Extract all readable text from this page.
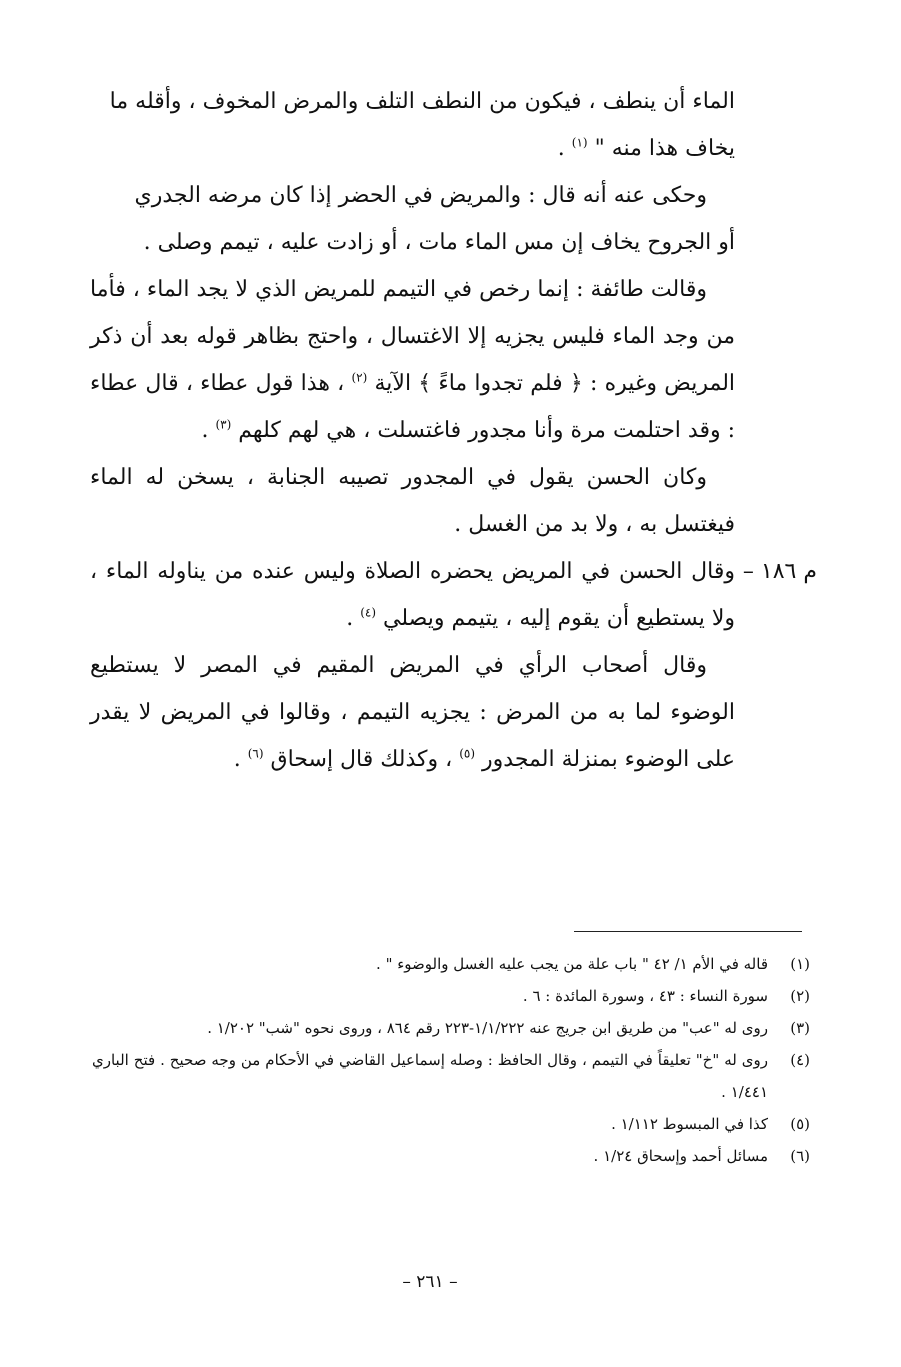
الماء أن ينطف ، فيكون من النطف التلف والمرض المخوف ، وأقله ما
يخاف هذا منه " $^{(١)}$ .

وحكى عنه أنه قال : والمريض في الحضر إذا كان مرضه الجدري
أو الجروح يخاف إن مس الماء مات ، أو زادت عليه ، تيمم وصلى .

وقالت طائفة : إنما رخص في التيمم للمريض الذي لا يجد الماء ، فأما من وجد الماء فليس يجزيه إلا الاغتسال ، واحتج بظاهر قوله بعد أن ذكر المريض وغيره : ﴿ فلم تجدوا ماءً ﴾ الآية $^{(٢)}$ ، هذا قول عطاء ، قال عطاء : وقد احتلمت مرة وأنا مجدور فاغتسلت ، هي لهم كلهم $^{(٣)}$ .

وكان الحسن يقول في المجدور تصيبه الجنابة ، يسخن له الماء فيغتسل به ، ولا بد من الغسل .

م ١٨٦ –

وقال الحسن في المريض يحضره الصلاة وليس عنده من يناوله الماء ، ولا يستطيع أن يقوم إليه ، يتيمم ويصلي $^{(٤)}$ .

وقال أصحاب الرأي في المريض المقيم في المصر لا يستطيع الوضوء لما به من المرض : يجزيه التيمم ، وقالوا في المريض لا يقدر على الوضوء بمنزلة المجدور $^{(٥)}$ ، وكذلك قال إسحاق $^{(٦)}$ .

(١)
قاله في الأم ١/ ٤٢ " باب علة من يجب عليه الغسل والوضوء " .
(٢)
سورة النساء : ٤٣ ، وسورة المائدة : ٦ .
(٣)
روى له "عب" من طريق ابن جريج عنه ١/١/٢٢٢-٢٢٣ رقم ٨٦٤ ، وروى نحوه "شب" ١/٢٠٢ .
(٤)
روى له "خ" تعليقاً في التيمم ، وقال الحافظ : وصله إسماعيل القاضي في الأحكام من وجه صحيح . فتح الباري ١/٤٤١ .
(٥)
كذا في المبسوط ١/١١٢ .
(٦)
مسائل أحمد وإسحاق ١/٢٤ .
– ٢٦١ –
